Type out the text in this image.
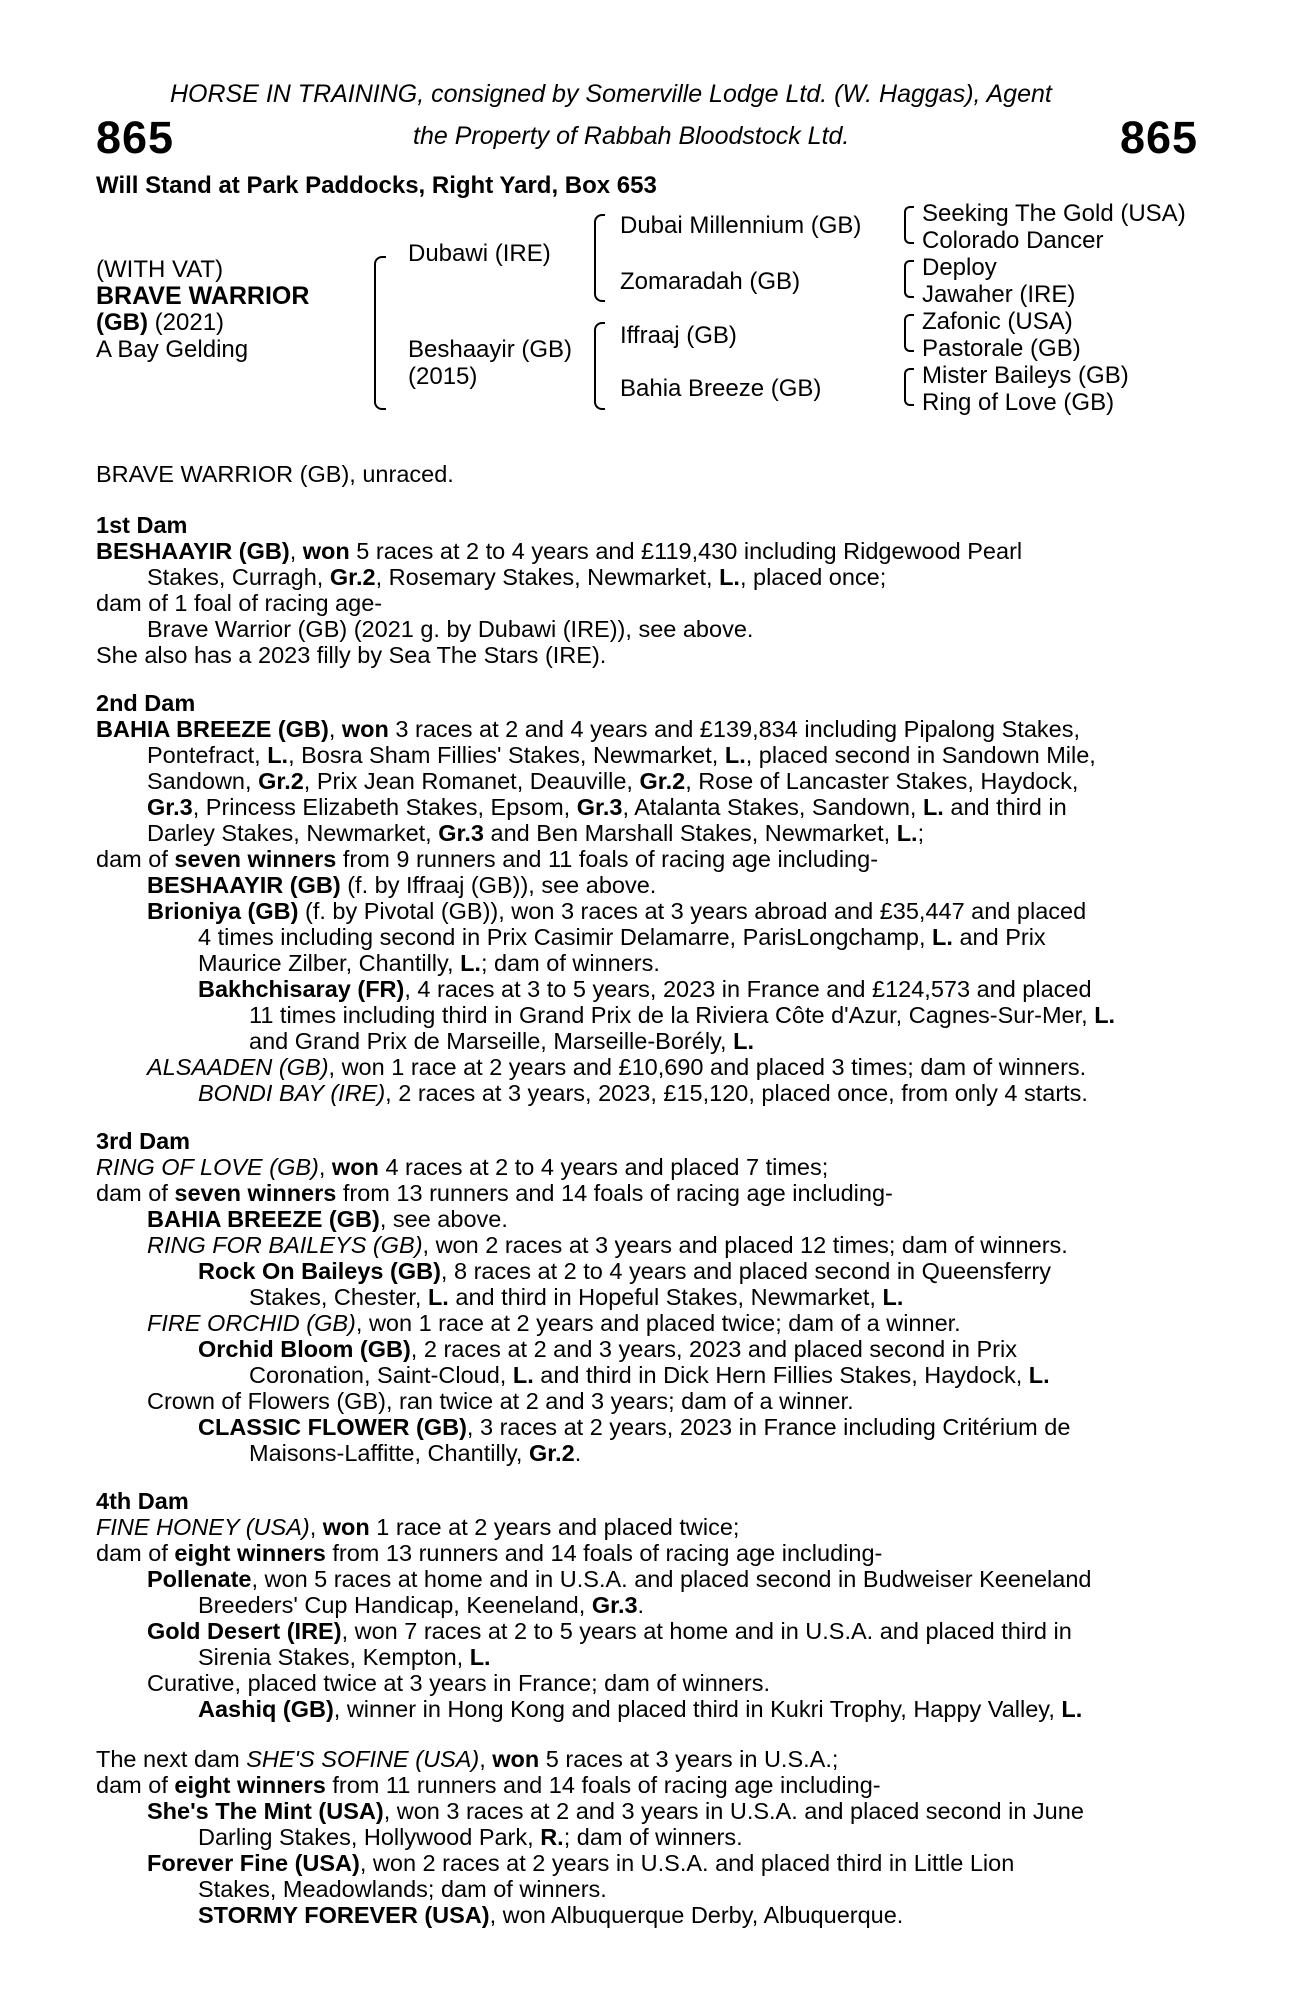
HORSE IN TRAINING, consigned by Somerville Lodge Ltd. (W. Haggas), Agent
865	the Property of Rabbah Bloodstock Ltd.	865
Will Stand at Park Paddocks, Right Yard, Box 653
(WITH VAT)
BRAVE WARRIOR
(GB) (2021)
A Bay Gelding
Dubawi (IRE)
Beshaayir (GB)
(2015)
Dubai Millennium (GB)
Zomaradah (GB)
Iffraaj (GB)
Bahia Breeze (GB)
Seeking The Gold (USA)
Colorado Dancer
Deploy
Jawaher (IRE)
Zafonic (USA)
Pastorale (GB)
Mister Baileys (GB)
Ring of Love (GB)
BRAVE WARRIOR (GB), unraced.
1st Dam
BESHAAYIR (GB), won 5 races at 2 to 4 years and £119,430 including Ridgewood Pearl
Stakes, Curragh, Gr.2, Rosemary Stakes, Newmarket, L., placed once;
dam of 1 foal of racing age-
Brave Warrior (GB) (2021 g. by Dubawi (IRE)), see above.
She also has a 2023 filly by Sea The Stars (IRE).
2nd Dam
BAHIA BREEZE (GB), won 3 races at 2 and 4 years and £139,834 including Pipalong Stakes,
Pontefract, L., Bosra Sham Fillies' Stakes, Newmarket, L., placed second in Sandown Mile,
Sandown, Gr.2, Prix Jean Romanet, Deauville, Gr.2, Rose of Lancaster Stakes, Haydock,
Gr.3, Princess Elizabeth Stakes, Epsom, Gr.3, Atalanta Stakes, Sandown, L. and third in
Darley Stakes, Newmarket, Gr.3 and Ben Marshall Stakes, Newmarket, L.;
dam of seven winners from 9 runners and 11 foals of racing age including-
BESHAAYIR (GB) (f. by Iffraaj (GB)), see above.
Brioniya (GB) (f. by Pivotal (GB)), won 3 races at 3 years abroad and £35,447 and placed
4 times including second in Prix Casimir Delamarre, ParisLongchamp, L. and Prix
Maurice Zilber, Chantilly, L.; dam of winners.
Bakhchisaray (FR), 4 races at 3 to 5 years, 2023 in France and £124,573 and placed
11 times including third in Grand Prix de la Riviera Côte d'Azur, Cagnes-Sur-Mer, L.
and Grand Prix de Marseille, Marseille-Borély, L.
ALSAADEN (GB), won 1 race at 2 years and £10,690 and placed 3 times; dam of winners.
BONDI BAY (IRE), 2 races at 3 years, 2023, £15,120, placed once, from only 4 starts.
3rd Dam
RING OF LOVE (GB), won 4 races at 2 to 4 years and placed 7 times;
dam of seven winners from 13 runners and 14 foals of racing age including-
BAHIA BREEZE (GB), see above.
RING FOR BAILEYS (GB), won 2 races at 3 years and placed 12 times; dam of winners.
Rock On Baileys (GB), 8 races at 2 to 4 years and placed second in Queensferry
Stakes, Chester, L. and third in Hopeful Stakes, Newmarket, L.
FIRE ORCHID (GB), won 1 race at 2 years and placed twice; dam of a winner.
Orchid Bloom (GB), 2 races at 2 and 3 years, 2023 and placed second in Prix
Coronation, Saint-Cloud, L. and third in Dick Hern Fillies Stakes, Haydock, L.
Crown of Flowers (GB), ran twice at 2 and 3 years; dam of a winner.
CLASSIC FLOWER (GB), 3 races at 2 years, 2023 in France including Critérium de
Maisons-Laffitte, Chantilly, Gr.2.
4th Dam
FINE HONEY (USA), won 1 race at 2 years and placed twice;
dam of eight winners from 13 runners and 14 foals of racing age including-
Pollenate, won 5 races at home and in U.S.A. and placed second in Budweiser Keeneland
Breeders' Cup Handicap, Keeneland, Gr.3.
Gold Desert (IRE), won 7 races at 2 to 5 years at home and in U.S.A. and placed third in
Sirenia Stakes, Kempton, L.
Curative, placed twice at 3 years in France; dam of winners.
Aashiq (GB), winner in Hong Kong and placed third in Kukri Trophy, Happy Valley, L.
The next dam SHE'S SOFINE (USA), won 5 races at 3 years in U.S.A.;
dam of eight winners from 11 runners and 14 foals of racing age including-
She's The Mint (USA), won 3 races at 2 and 3 years in U.S.A. and placed second in June
Darling Stakes, Hollywood Park, R.; dam of winners.
Forever Fine (USA), won 2 races at 2 years in U.S.A. and placed third in Little Lion
Stakes, Meadowlands; dam of winners.
STORMY FOREVER (USA), won Albuquerque Derby, Albuquerque.
